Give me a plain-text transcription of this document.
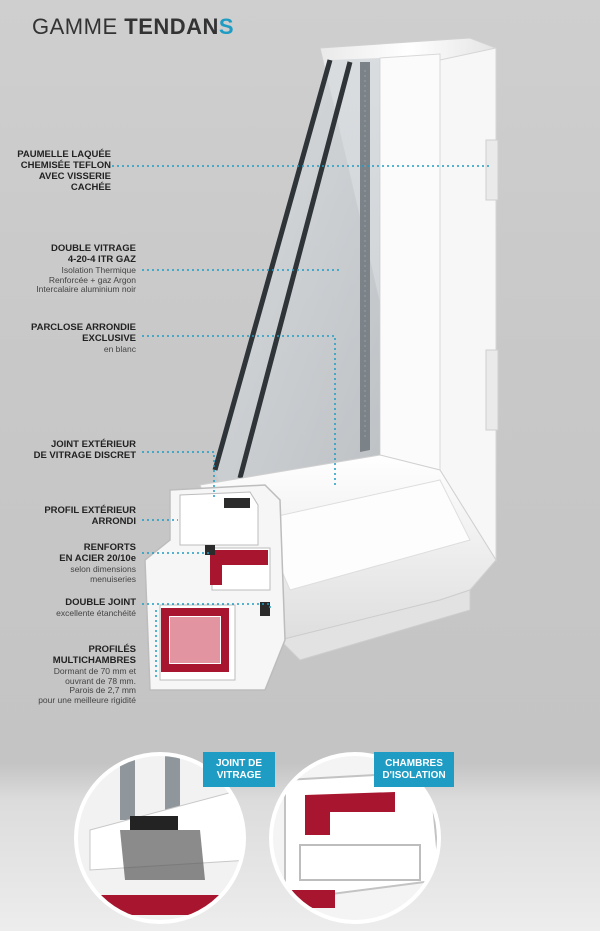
GAMME TENDANS
PAUMELLE LAQUÉE
CHEMISÉE TEFLON
AVEC VISSERIE CACHÉE
DOUBLE VITRAGE
4-20-4 ITR GAZ
Isolation Thermique
Renforcée + gaz Argon
Intercalaire aluminium noir
PARCLOSE ARRONDIE
EXCLUSIVE
en blanc
JOINT EXTÉRIEUR
DE VITRAGE DISCRET
PROFIL EXTÉRIEUR
ARRONDI
RENFORTS
EN ACIER 20/10e
selon dimensions
menuiseries
DOUBLE JOINT
excellente étanchéité
PROFILÉS
MULTICHAMBRES
Dormant de 70 mm et
ouvrant de 78 mm.
Parois de 2,7 mm
pour une meilleure rigidité
JOINT DE
VITRAGE
CHAMBRES
D'ISOLATION
